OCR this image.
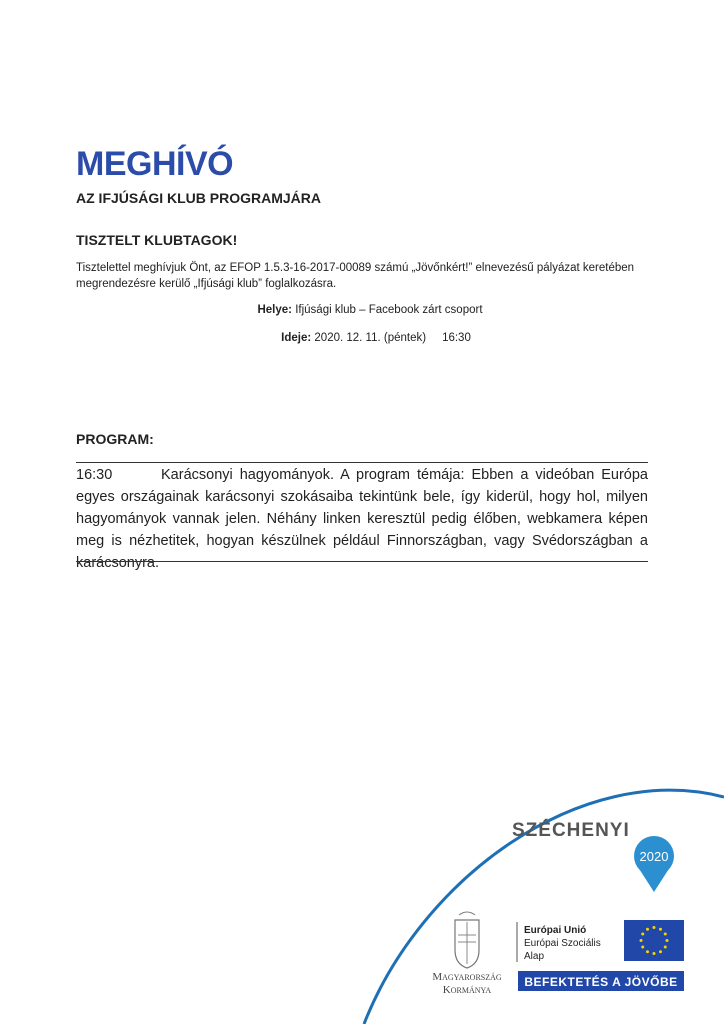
MEGHÍVÓ
AZ IFJÚSÁGI KLUB PROGRAMJÁRA
TISZTELT KLUBTAGOK!
Tisztelettel meghívjuk Önt, az EFOP 1.5.3-16-2017-00089 számú „Jövőnkért!” elnevezésű pályázat keretében megrendezésre kerülő „Ifjúsági klub” foglalkozásra.
Helye: Ifjúsági klub – Facebook zárt csoport
Ideje: 2020. 12. 11. (péntek) 16:30
PROGRAM:
16:30	Karácsonyi hagyományok. A program témája: Ebben a videóban Európa egyes országainak karácsonyi szokásaiba tekintünk bele, így kiderül, hogy hol, milyen hagyományok vannak jelen. Néhány linken keresztül pedig élőben, webkamera képen meg is nézhetitek, hogyan készülnek például Finnországban, vagy Svédországban a karácsonyra.
SZÉCHENYI
2020
Magyarország
Kormánya
Európai Unió
Európai Szociális
Alap
BEFEKTETÉS A JÖVŐBE
